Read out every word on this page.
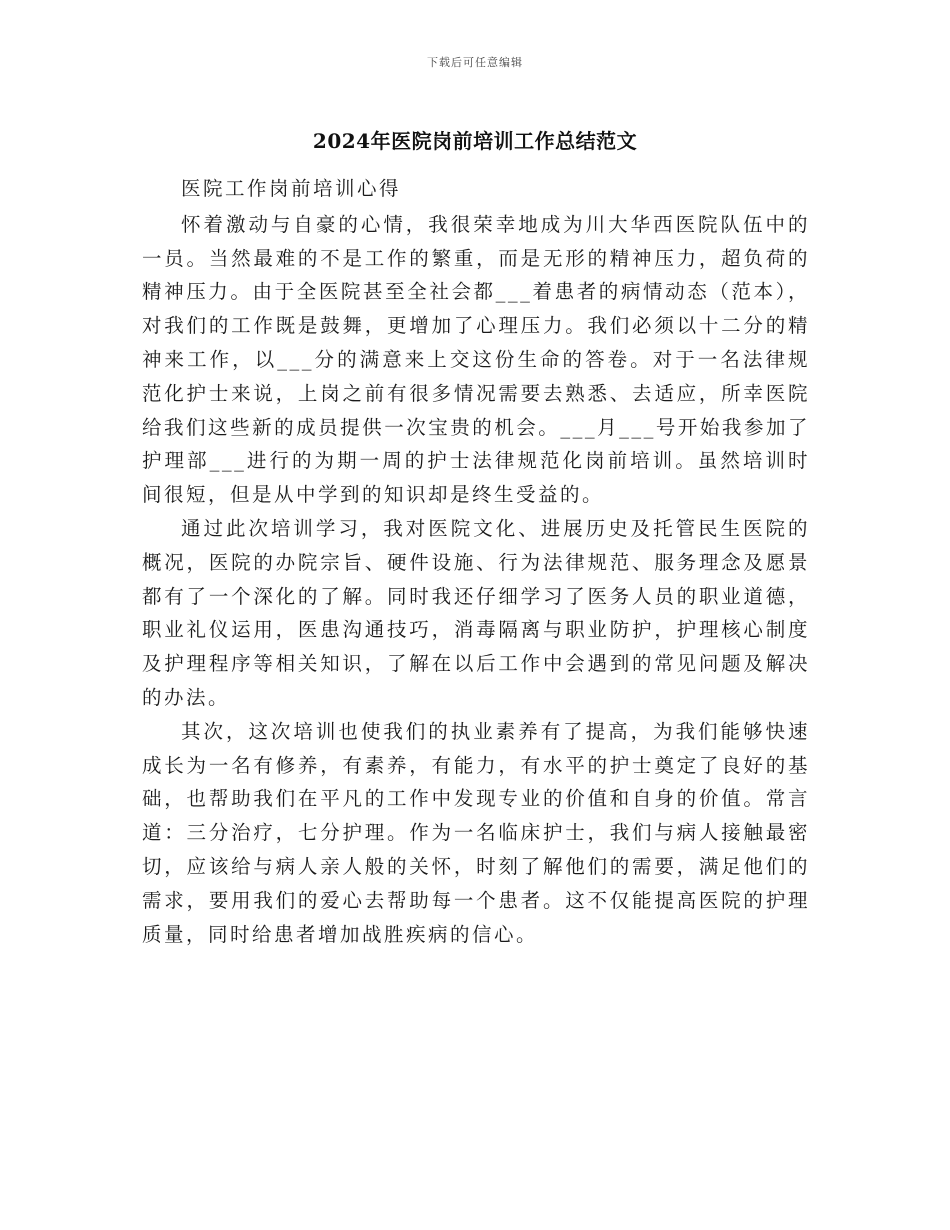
下载后可任意编辑
2024年医院岗前培训工作总结范文

医院工作岗前培训心得

怀着激动与自豪的心情，我很荣幸地成为川大华西医院队伍中的一员。当然最难的不是工作的繁重，而是无形的精神压力，超负荷的精神压力。由于全医院甚至全社会都___着患者的病情动态（范本），对我们的工作既是鼓舞，更增加了心理压力。我们必须以十二分的精神来工作，以___分的满意来上交这份生命的答卷。对于一名法律规范化护士来说，上岗之前有很多情况需要去熟悉、去适应，所幸医院给我们这些新的成员提供一次宝贵的机会。___月___号开始我参加了护理部___进行的为期一周的护士法律规范化岗前培训。虽然培训时间很短，但是从中学到的知识却是终生受益的。

通过此次培训学习，我对医院文化、进展历史及托管民生医院的概况，医院的办院宗旨、硬件设施、行为法律规范、服务理念及愿景都有了一个深化的了解。同时我还仔细学习了医务人员的职业道德，职业礼仪运用，医患沟通技巧，消毒隔离与职业防护，护理核心制度及护理程序等相关知识，了解在以后工作中会遇到的常见问题及解决的办法。

其次，这次培训也使我们的执业素养有了提高，为我们能够快速成长为一名有修养，有素养，有能力，有水平的护士奠定了良好的基础，也帮助我们在平凡的工作中发现专业的价值和自身的价值。常言道：三分治疗，七分护理。作为一名临床护士，我们与病人接触最密切，应该给与病人亲人般的关怀，时刻了解他们的需要，满足他们的需求，要用我们的爱心去帮助每一个患者。这不仅能提高医院的护理质量，同时给患者增加战胜疾病的信心。
